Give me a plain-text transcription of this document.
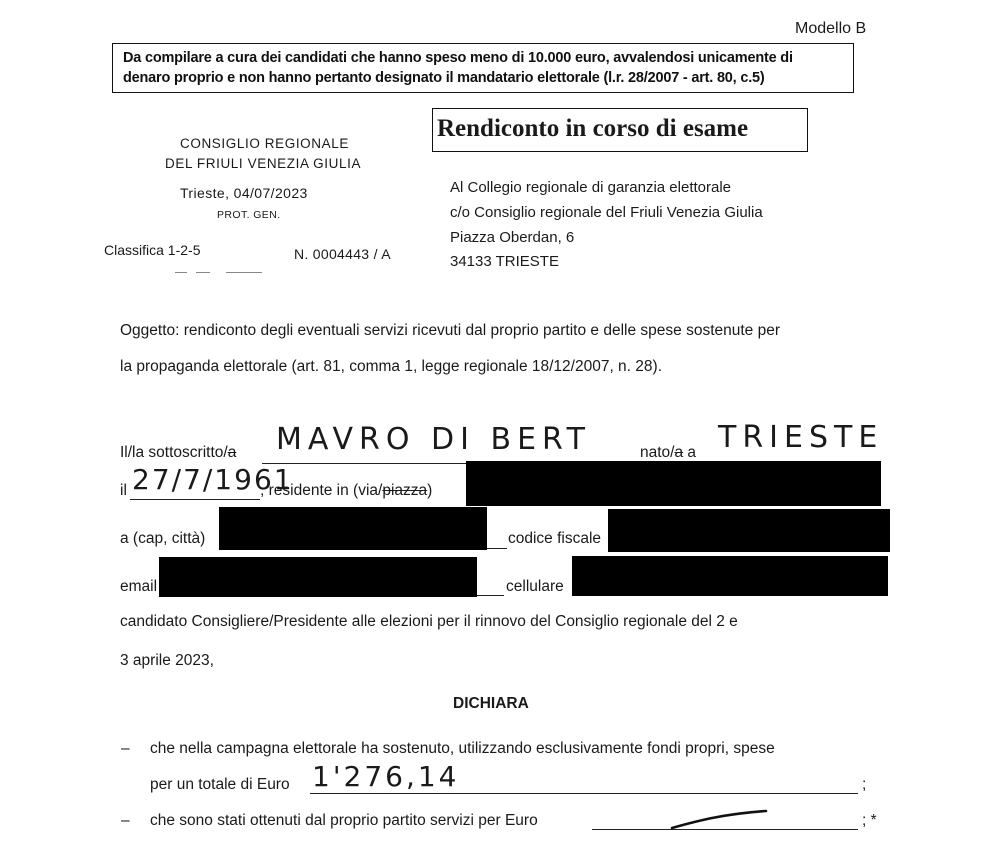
Modello B

Da compilare a cura dei candidati che hanno speso meno di 10.000 euro, avvalendosi unicamente di

denaro proprio e non hanno pertanto designato il mandatario elettorale (l.r. 28/2007 - art. 80, c.5)

CONSIGLIO REGIONALE
DEL FRIULI VENEZIA GIULIA
Trieste, 04/07/2023
PROT. GEN.
Classifica 1-2-5	N. 0004443 / A
Rendiconto in corso di esame
Al Collegio regionale di garanzia elettorale
c/o Consiglio regionale del Friuli Venezia Giulia
Piazza Oberdan, 6
34133 TRIESTE
Oggetto: rendiconto degli eventuali servizi ricevuti dal proprio partito e delle spese sostenute per
la propaganda elettorale (art. 81, comma 1, legge regionale 18/12/2007, n. 28).
Il/la sottoscritto/a MAVRO DI BERT	nato/a a TRIESTE
il 27/7/1961
, residente in (via/piazza)
a (cap, città)	codice fiscale
email	cellulare
candidato Consigliere/Presidente alle elezioni per il rinnovo del Consiglio regionale del 2 e
3 aprile 2023,
DICHIARA
– che nella campagna elettorale ha sostenuto, utilizzando esclusivamente fondi propri, spese
per un totale di Euro 1'276,14	;
– che sono stati ottenuti dal proprio partito servizi per Euro	; *
